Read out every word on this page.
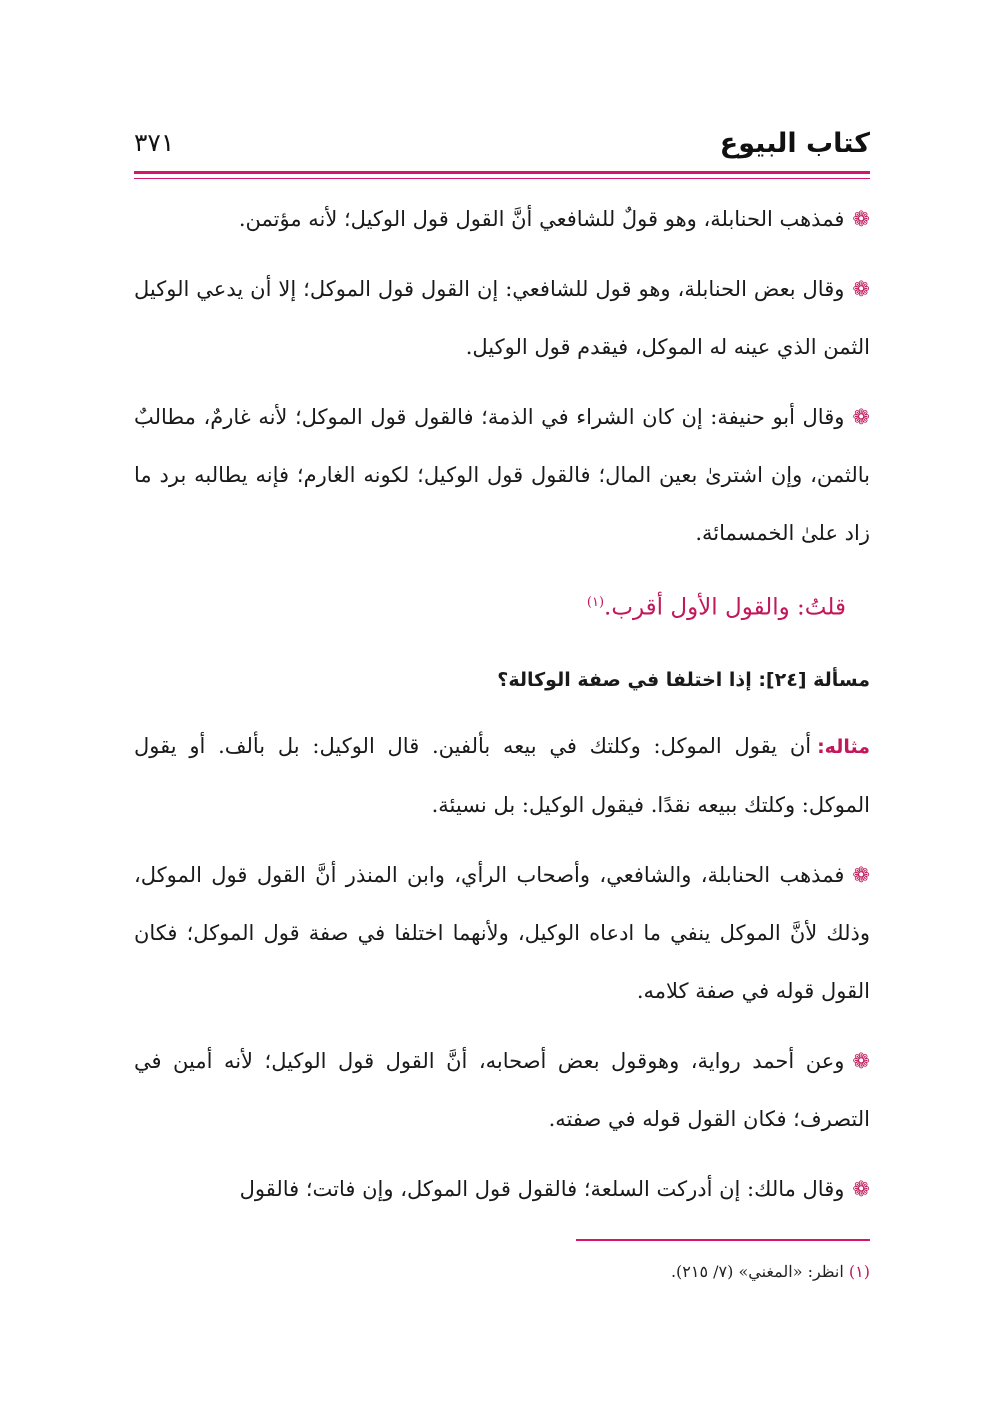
كتاب البيوع
٣٧١

❁فمذهب الحنابلة، وهو قولٌ للشافعي أنَّ القول قول الوكيل؛ لأنه مؤتمن.

❁وقال بعض الحنابلة، وهو قول للشافعي: إن القول قول الموكل؛ إلا أن يدعي الوكيل الثمن الذي عينه له الموكل، فيقدم قول الوكيل.

❁وقال أبو حنيفة: إن كان الشراء في الذمة؛ فالقول قول الموكل؛ لأنه غارمٌ، مطالبٌ بالثمن، وإن اشترىٰ بعين المال؛ فالقول قول الوكيل؛ لكونه الغارم؛ فإنه يطالبه برد ما زاد علىٰ الخمسمائة.

قلتُ: والقول الأول أقرب.$^{(١)}$

مسألة [٢٤]: إذا اختلفا في صفة الوكالة؟

مثاله:أن يقول الموكل: وكلتك في بيعه بألفين. قال الوكيل: بل بألف. أو يقول الموكل: وكلتك ببيعه نقدًا. فيقول الوكيل: بل نسيئة.

❁فمذهب الحنابلة، والشافعي، وأصحاب الرأي، وابن المنذر أنَّ القول قول الموكل، وذلك لأنَّ الموكل ينفي ما ادعاه الوكيل، ولأنهما اختلفا في صفة قول الموكل؛ فكان القول قوله في صفة كلامه.

❁وعن أحمد رواية، وهوقول بعض أصحابه، أنَّ القول قول الوكيل؛ لأنه أمين في التصرف؛ فكان القول قوله في صفته.

❁وقال مالك: إن أدركت السلعة؛ فالقول قول الموكل، وإن فاتت؛ فالقول

(١) انظر: «المغني» (٧/ ٢١٥).
